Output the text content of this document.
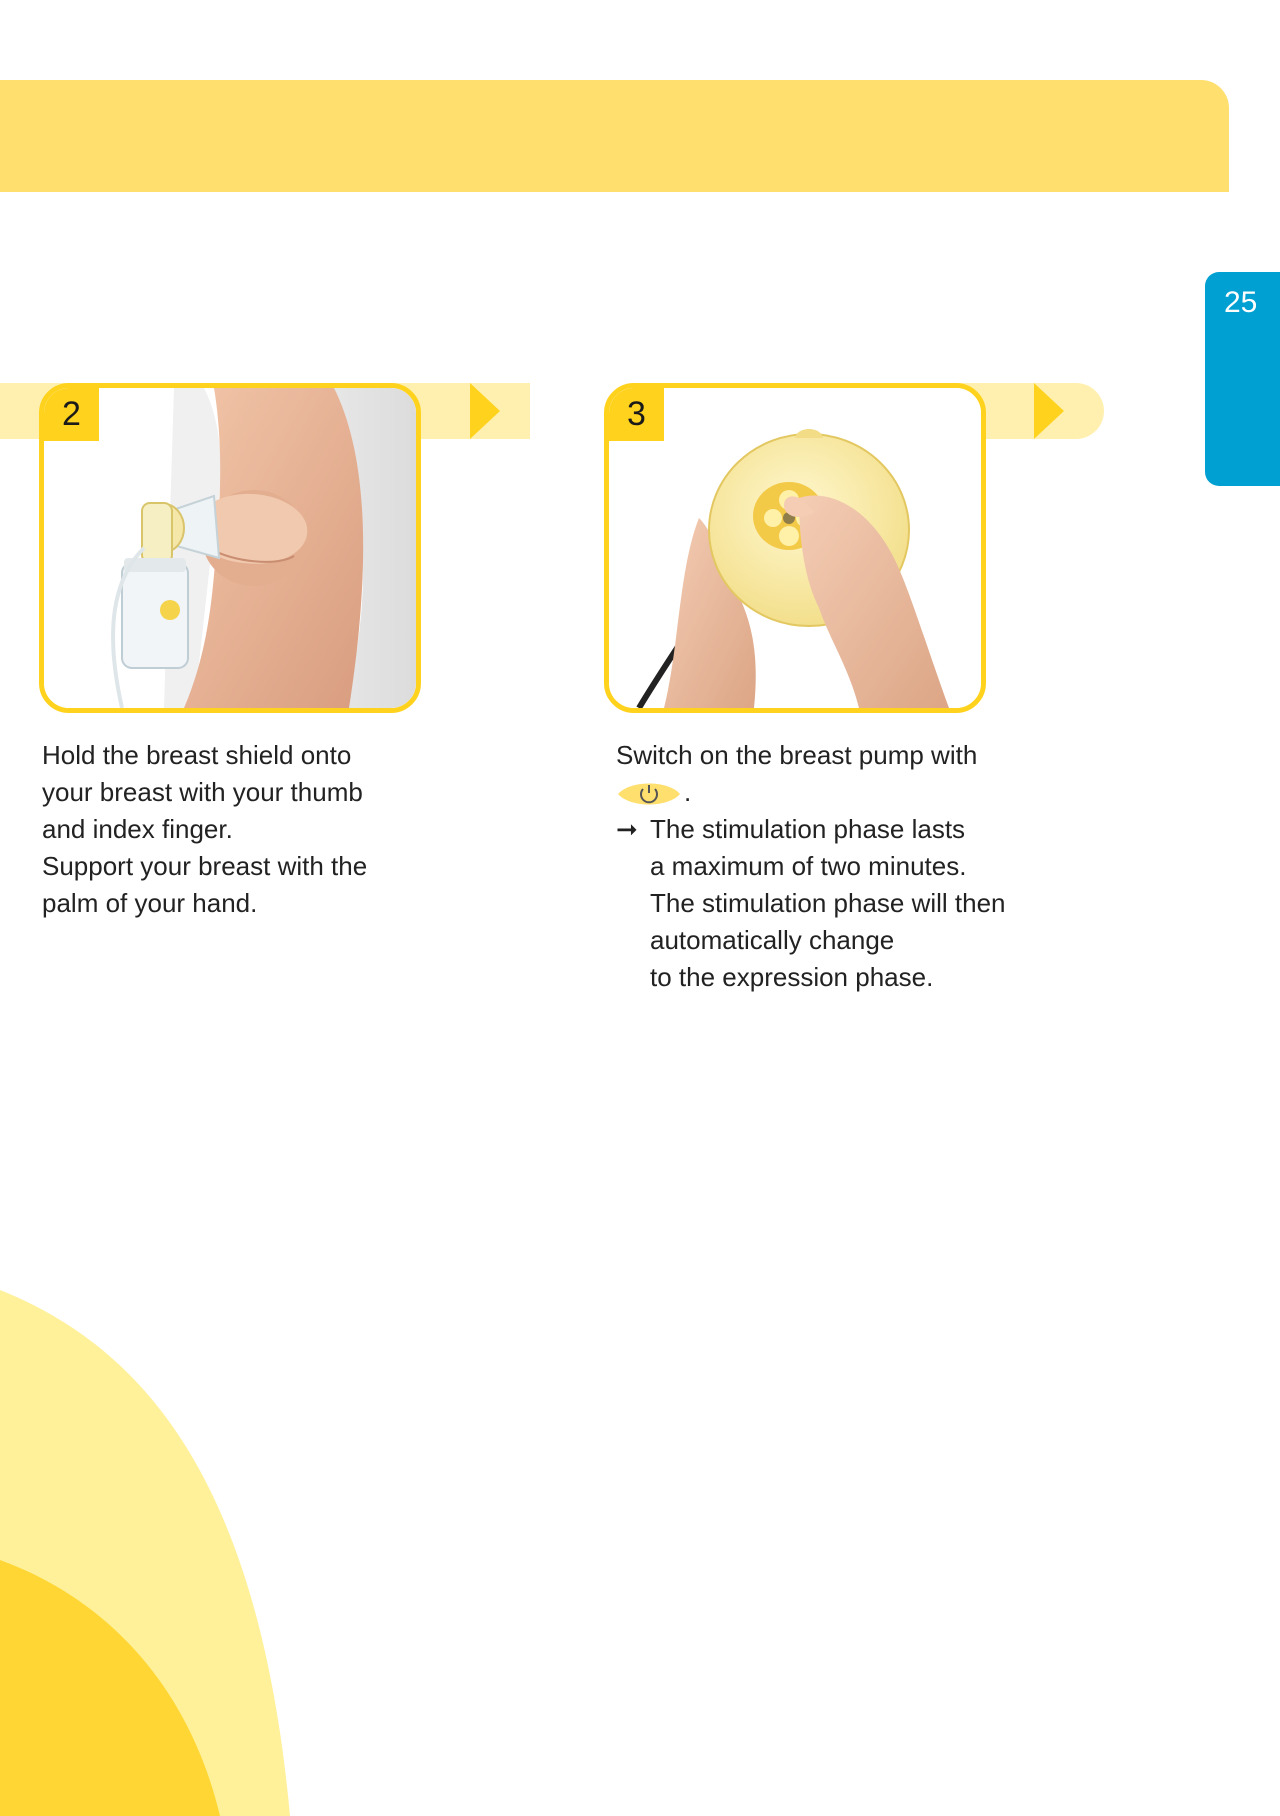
25
2	3
Hold the breast shield onto
your breast with your thumb
and index finger.
Support your breast with the
palm of your hand.
Switch on the breast pump with
.
➞ The stimulation phase lasts
a maximum of two minutes.
The stimulation phase will then
automatically change
to the expression phase.
